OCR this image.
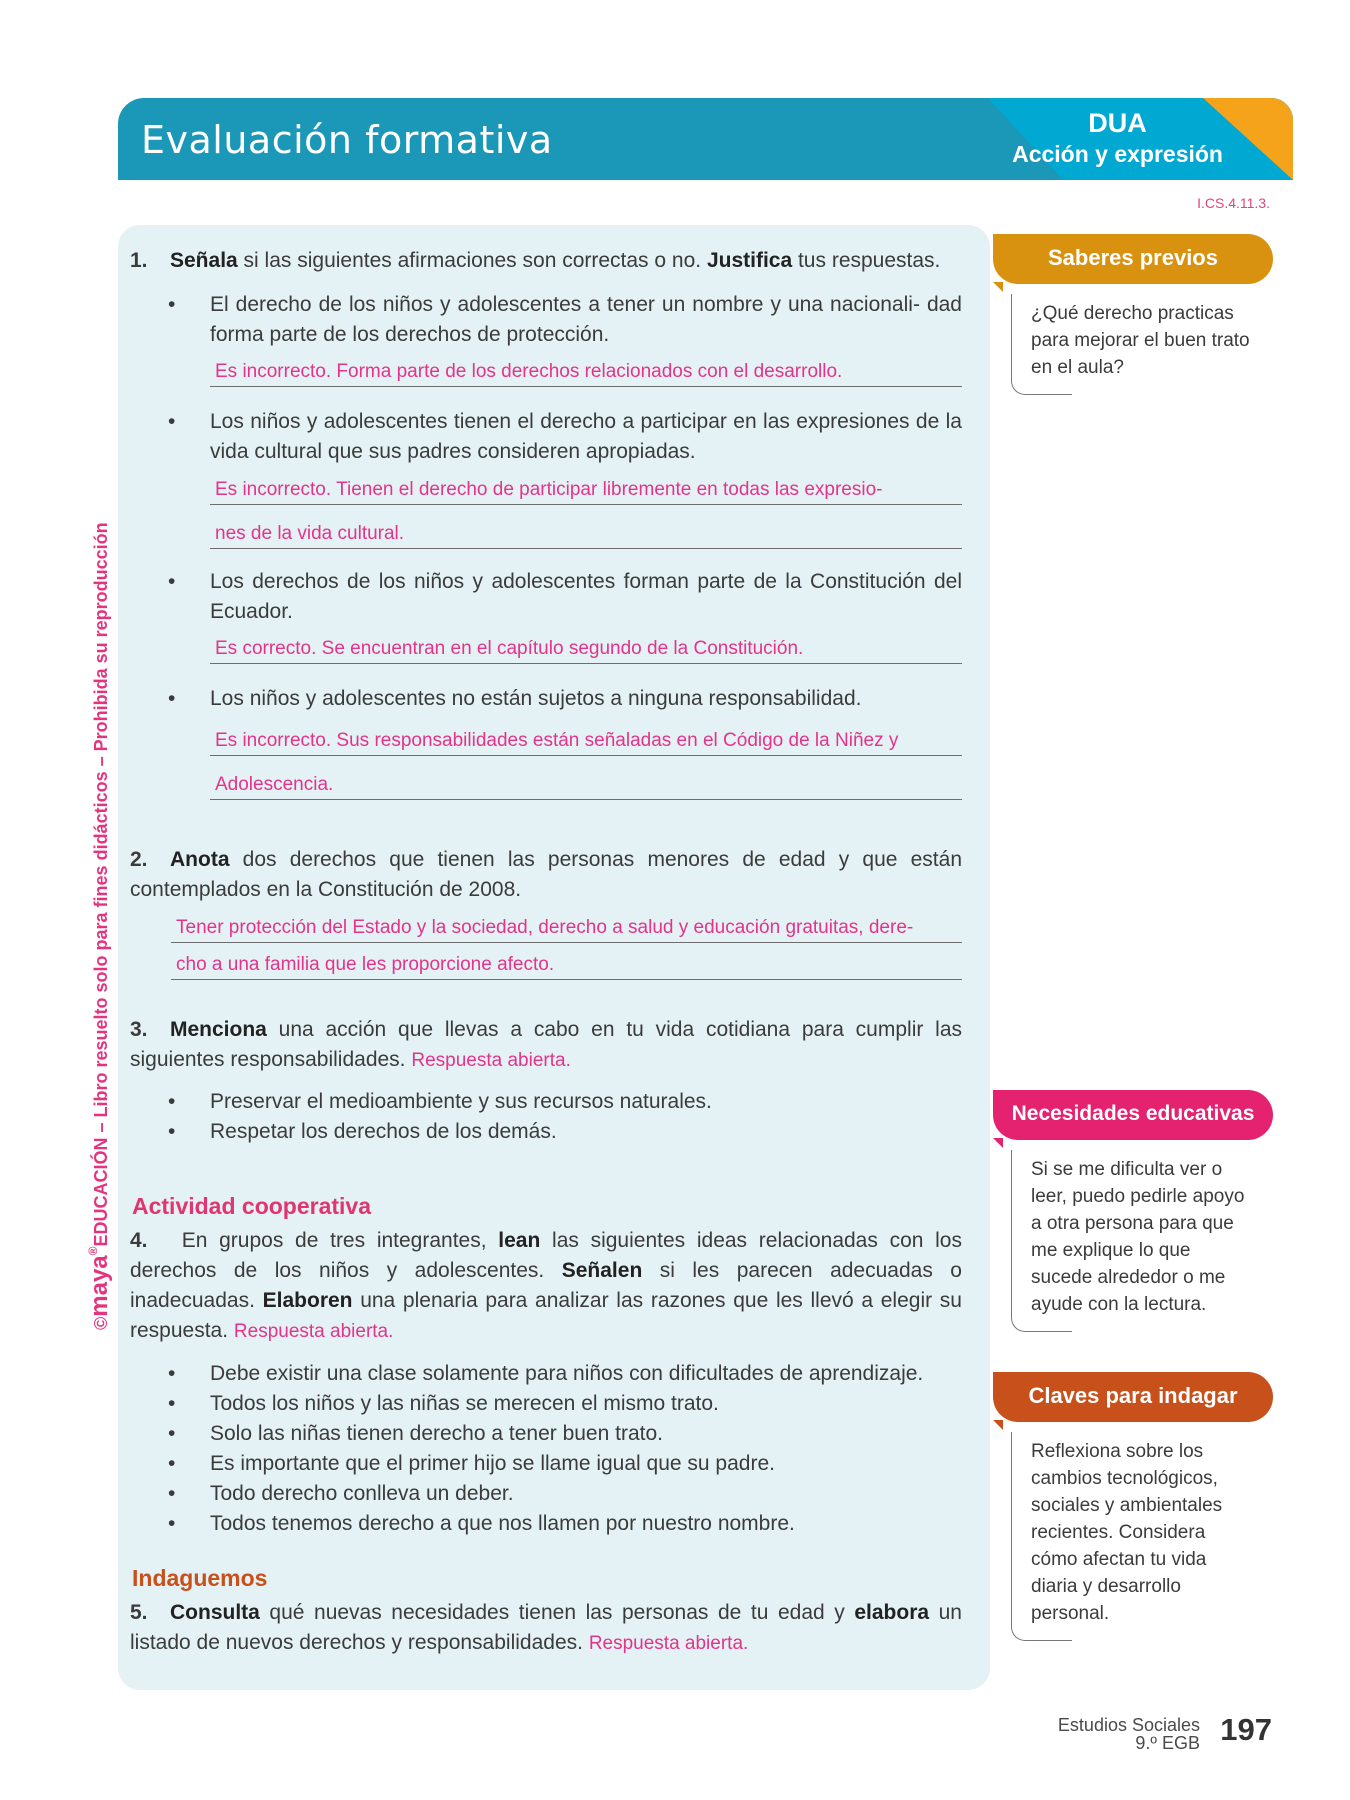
Evaluación formativa	DUA
Acción y expresión
I.CS.4.11.3.
©maya®EDUCACIÓN – Libro resuelto solo para fines didácticos – Prohibida su reproducción
1. Señala si las siguientes afirmaciones son correctas o no. Justifica tus respuestas.
• El derecho de los niños y adolescentes a tener un nombre y una nacionali- dad forma parte de los derechos de protección.
Es incorrecto. Forma parte de los derechos relacionados con el desarrollo.
• Los niños y adolescentes tienen el derecho a participar en las expresiones de la vida cultural que sus padres consideren apropiadas.
Es incorrecto. Tienen el derecho de participar libremente en todas las expresio-
nes de la vida cultural.
• Los derechos de los niños y adolescentes forman parte de la Constitución del Ecuador.
Es correcto. Se encuentran en el capítulo segundo de la Constitución.
• Los niños y adolescentes no están sujetos a ninguna responsabilidad.
Es incorrecto. Sus responsabilidades están señaladas en el Código de la Niñez y
Adolescencia.
2. Anota dos derechos que tienen las personas menores de edad y que están contemplados en la Constitución de 2008.
Tener protección del Estado y la sociedad, derecho a salud y educación gratuitas, dere-
cho a una familia que les proporcione afecto.
3. Menciona una acción que llevas a cabo en tu vida cotidiana para cumplir las siguientes responsabilidades. Respuesta abierta.
• Preservar el medioambiente y sus recursos naturales.
• Respetar los derechos de los demás.
Actividad cooperativa
4. En grupos de tres integrantes, lean las siguientes ideas relacionadas con los derechos de los niños y adolescentes. Señalen si les parecen adecuadas o inadecuadas. Elaboren una plenaria para analizar las razones que les llevó a elegir su respuesta. Respuesta abierta.
• Debe existir una clase solamente para niños con dificultades de aprendizaje.
• Todos los niños y las niñas se merecen el mismo trato.
• Solo las niñas tienen derecho a tener buen trato.
• Es importante que el primer hijo se llame igual que su padre.
• Todo derecho conlleva un deber.
• Todos tenemos derecho a que nos llamen por nuestro nombre.
Indaguemos
5. Consulta qué nuevas necesidades tienen las personas de tu edad y elabora un listado de nuevos derechos y responsabilidades. Respuesta abierta.
Saberes previos
¿Qué derecho practicas para mejorar el buen trato en el aula?
Necesidades educativas
Si se me dificulta ver o leer, puedo pedirle apoyo a otra persona para que me explique lo que sucede alrededor o me ayude con la lectura.
Claves para indagar
Reflexiona sobre los cambios tecnológicos, sociales y ambientales recientes. Considera cómo afectan tu vida diaria y desarrollo personal.
Estudios Sociales
9.º EGB 197
